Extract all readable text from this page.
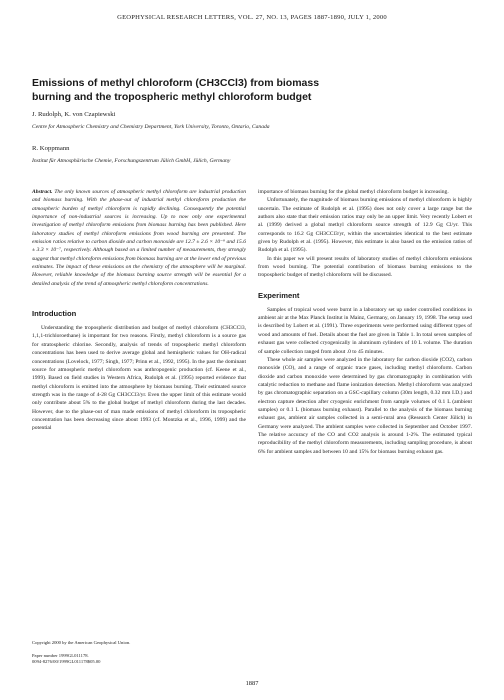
GEOPHYSICAL RESEARCH LETTERS, VOL. 27, NO. 13, PAGES 1887-1890, JULY 1, 2000
Emissions of methyl chloroform (CH3CCl3) from biomass
burning and the tropospheric methyl chloroform budget
J. Rudolph, K. von Czapiewski
Centre for Atmospheric Chemistry and Chemistry Department, York University, Toronto, Ontario, Canada
R. Koppmann
Institut für Atmosphärische Chemie, Forschungszentrum Jülich GmbH, Jülich, Germany

Abstract. The only known sources of atmospheric methyl chloroform are industrial production and biomass burning. With the phase-out of industrial methyl chloroform production the atmospheric burden of methyl chloroform is rapidly declining. Consequently the potential importance of non-industrial sources is increasing. Up to now only one experimental investigation of methyl chloroform emissions from biomass burning has been published. Here laboratory studies of methyl chloroform emissions from wood burning are presented. The emission ratios relative to carbon dioxide and carbon monoxide are 12.7 ± 2.6 × 10⁻⁹ and 15.6 ± 3.3 × 10⁻⁷, respectively. Although based on a limited number of measurements, they strongly suggest that methyl chloroform emissions from biomass burning are at the lower end of previous estimates. The impact of these emissions on the chemistry of the atmosphere will be marginal. However, reliable knowledge of the biomass burning source strength will be essential for a detailed analysis of the trend of atmospheric methyl chloroform concentrations.

Introduction

Understanding the tropospheric distribution and budget of methyl chloroform (CH3CCl3, 1,1,1-trichloroethane) is important for two reasons. Firstly, methyl chloroform is a source gas for stratospheric chlorine. Secondly, analysis of trends of tropospheric methyl chloroform concentrations has been used to derive average global and hemispheric values for OH-radical concentrations (Lovelock, 1977; Singh, 1977; Prinn et al., 1992, 1995). In the past the dominant source for atmospheric methyl chloroform was anthropogenic production (cf. Keene et al., 1999). Based on field studies in Western Africa, Rudolph et al. (1995) reported evidence that methyl chloroform is emitted into the atmosphere by biomass burning. Their estimated source strength was in the range of 4-28 Gg CH3CCl3/yr. Even the upper limit of this estimate would only contribute about 5% to the global budget of methyl chloroform during the last decades. However, due to the phase-out of man made emissions of methyl chloroform its tropospheric concentration has been decreasing since about 1993 (cf. Montzka et al., 1996, 1999) and the potential

importance of biomass burning for the global methyl chloroform budget is increasing.

Unfortunately, the magnitude of biomass burning emissions of methyl chloroform is highly uncertain. The estimate of Rudolph et al. (1995) does not only cover a large range but the authors also state that their emission ratios may only be an upper limit. Very recently Lobert et al. (1999) derived a global methyl chloroform source strength of 12.9 Gg Cl/yr. This corresponds to 16.2 Gg CH3CCl3/yr, within the uncertainties identical to the best estimate given by Rudolph et al. (1995). However, this estimate is also based on the emission ratios of Rudolph et al. (1995).

In this paper we will present results of laboratory studies of methyl chloroform emissions from wood burning. The potential contribution of biomass burning emissions to the tropospheric budget of methyl chloroform will be discussed.

Experiment

Samples of tropical wood were burnt in a laboratory set up under controlled conditions in ambient air at the Max Planck Institut in Mainz, Germany, on January 19, 1998. The setup used is described by Lobert et al. (1991). Three experiments were performed using different types of wood and amounts of fuel. Details about the fuel are given in Table 1. In total seven samples of exhaust gas were collected cryogenically in aluminum cylinders of 10 L volume. The duration of sample collection ranged from about .0 to 45 minutes.

These whole air samples were analyzed in the laboratory for carbon dioxide (CO2), carbon monoxide (CO), and a range of organic trace gases, including methyl chloroform. Carbon dioxide and carbon monoxide were determined by gas chromatography in combination with catalytic reduction to methane and flame ionization detection. Methyl chloroform was analyzed by gas chromatographic separation on a GSC-capillary column (30m length, 0.32 mm I.D.) and electron capture detection after cryogenic enrichment from sample volumes of 0.1 L (ambient samples) or 0.1 L (biomass burning exhaust). Parallel to the analysis of the biomass burning exhaust gas, ambient air samples collected in a semi-rural area (Research Center Jülich) in Germany were analyzed. The ambient samples were collected in September and October 1997. The relative accuracy of the CO and CO2 analysis is around 1-2%. The estimated typical reproducibility of the methyl chloroform measurements, including sampling procedure, is about 6% for ambient samples and between 10 and 15% for biomass burning exhaust gas.

Copyright 2000 by the American Geophysical Union.
Paper number 1999GL011178.
0094-8276/00/1999GL011178$05.00
1887
